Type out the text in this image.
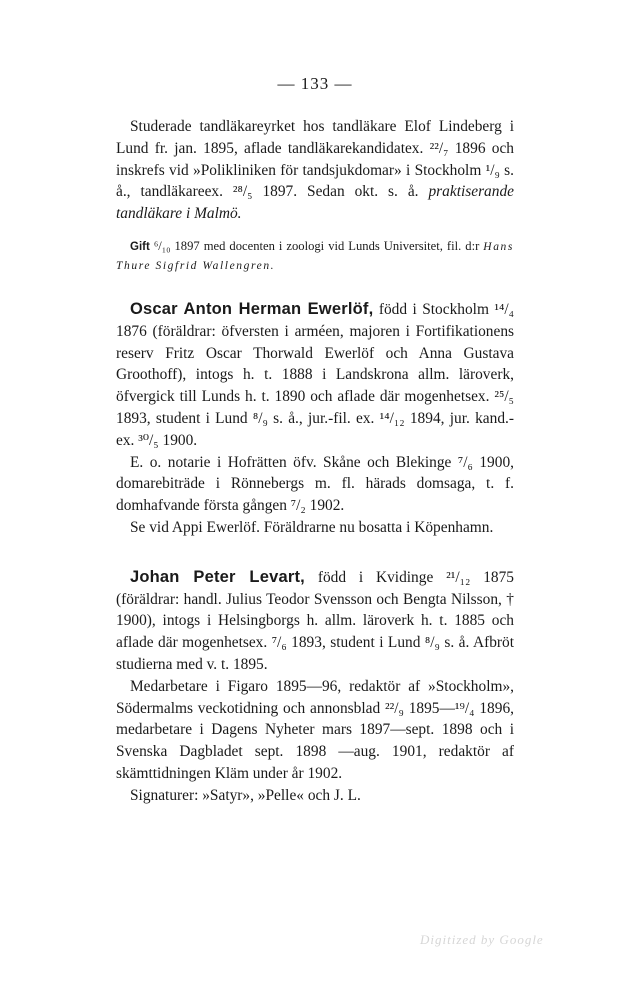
— 133 —

Studerade tandläkareyrket hos tandläkare Elof Lindeberg i Lund fr. jan. 1895, aflade tandläkarekandidatex. ²²/₇ 1896 och inskrefs vid »Polikliniken för tandsjukdomar» i Stockholm ¹/₉ s. å., tandläkareex. ²⁸/₅ 1897. Sedan okt. s. å. praktiserande tandläkare i Malmö.

Gift ⁶/₁₀ 1897 med docenten i zoologi vid Lunds Universitet, fil. d:r Hans Thure Sigfrid Wallengren.

Oscar Anton Herman Ewerlöf, född i Stockholm ¹⁴/₄ 1876 (föräldrar: öfversten i arméen, majoren i Fortifikationens reserv Fritz Oscar Thorwald Ewerlöf och Anna Gustava Groothoff), intogs h. t. 1888 i Landskrona allm. läroverk, öfvergick till Lunds h. t. 1890 och aflade där mogenhetsex. ²⁵/₅ 1893, student i Lund ⁸/₉ s. å., jur.-fil. ex. ¹⁴/₁₂ 1894, jur. kand.-ex. ³⁰/₅ 1900.

E. o. notarie i Hofrätten öfv. Skåne och Blekinge ⁷/₆ 1900, domarebiträde i Rönnebergs m. fl. härads domsaga, t. f. domhafvande första gången ⁷/₂ 1902.

Se vid Appi Ewerlöf. Föräldrarne nu bosatta i Köpenhamn.

Johan Peter Levart, född i Kvidinge ²¹/₁₂ 1875 (föräldrar: handl. Julius Teodor Svensson och Bengta Nilsson, † 1900), intogs i Helsingborgs h. allm. läroverk h. t. 1885 och aflade där mogenhetsex. ⁷/₆ 1893, student i Lund ⁸/₉ s. å. Afbröt studierna med v. t. 1895.

Medarbetare i Figaro 1895—96, redaktör af »Stockholm», Södermalms veckotidning och annonsblad ²²/₉ 1895—¹⁹/₄ 1896, medarbetare i Dagens Nyheter mars 1897—sept. 1898 och i Svenska Dagbladet sept. 1898 —aug. 1901, redaktör af skämttidningen Kläm under år 1902.

Signaturer: »Satyr», »Pelle« och J. L.

Digitized by Google
